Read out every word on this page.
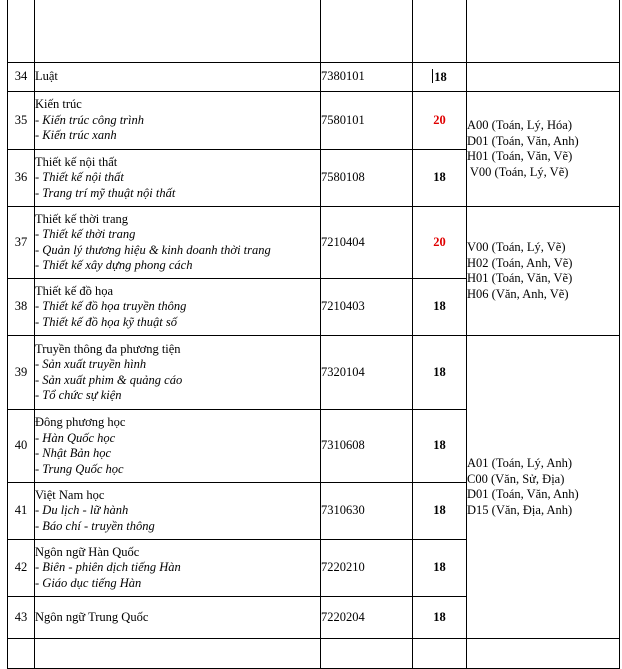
34	Luật	7380101	18	
35	Kiến trúc
- Kiến trúc công trình
- Kiến trúc xanh	7580101	20	A00 (Toán, Lý, Hóa)
D01 (Toán, Văn, Anh)
H01 (Toán, Văn, Vẽ)
V00 (Toán, Lý, Vẽ)

36	Thiết kế nội thất
- Thiết kế nội thất
- Trang trí mỹ thuật nội thất	7580108	18	
37	Thiết kế thời trang
- Thiết kế thời trang
- Quản lý thương hiệu & kinh doanh thời trang
- Thiết kế xây dựng phong cách	7210404	20	V00 (Toán, Lý, Vẽ)
H02 (Toán, Anh, Vẽ)
H01 (Toán, Văn, Vẽ)
H06 (Văn, Anh, Vẽ)

38	Thiết kế đồ họa
- Thiết kế đồ họa truyền thông
- Thiết kế đồ họa kỹ thuật số	7210403	18	
39	Truyền thông đa phương tiện
- Sản xuất truyền hình
- Sản xuất phim & quảng cáo
- Tổ chức sự kiện	7320104	18	A01 (Toán, Lý, Anh)
C00 (Văn, Sử, Địa)
D01 (Toán, Văn, Anh)
D15 (Văn, Địa, Anh)

40	Đông phương học
- Hàn Quốc học
- Nhật Bản học
- Trung Quốc học	7310608	18	
41	Việt Nam học
- Du lịch - lữ hành
- Báo chí - truyền thông	7310630	18	
42	Ngôn ngữ Hàn Quốc
- Biên - phiên dịch tiếng Hàn
- Giáo dục tiếng Hàn	7220210	18	
43	Ngôn ngữ Trung Quốc	7220204	18	
